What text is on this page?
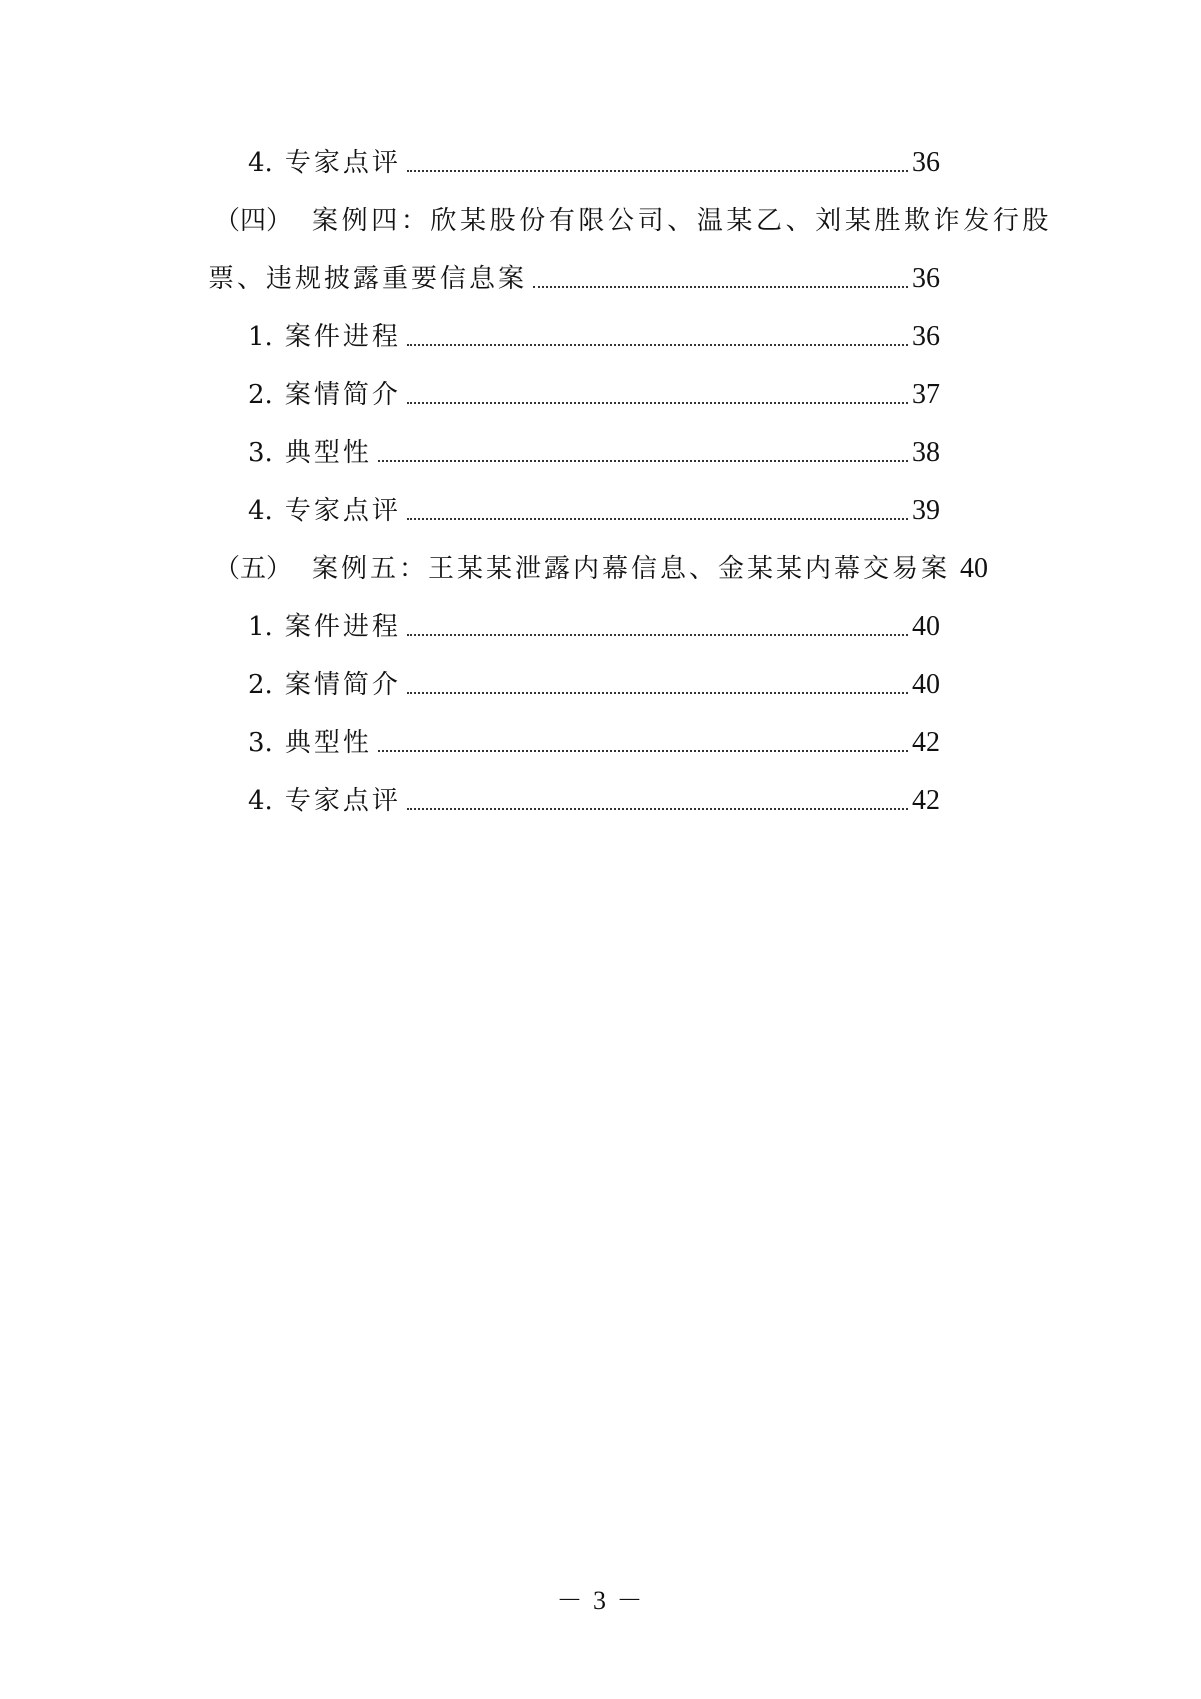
4. 专家点评	36
（四） 案例四：欣某股份有限公司、温某乙、刘某胜欺诈发行股
票、违规披露重要信息案	36
1. 案件进程	36
2. 案情简介	37
3. 典型性	38
4. 专家点评	39
（五） 案例五：王某某泄露内幕信息、金某某内幕交易案 40
1. 案件进程	40
2. 案情简介	40
3. 典型性	42
4. 专家点评	42
－ 3 －
